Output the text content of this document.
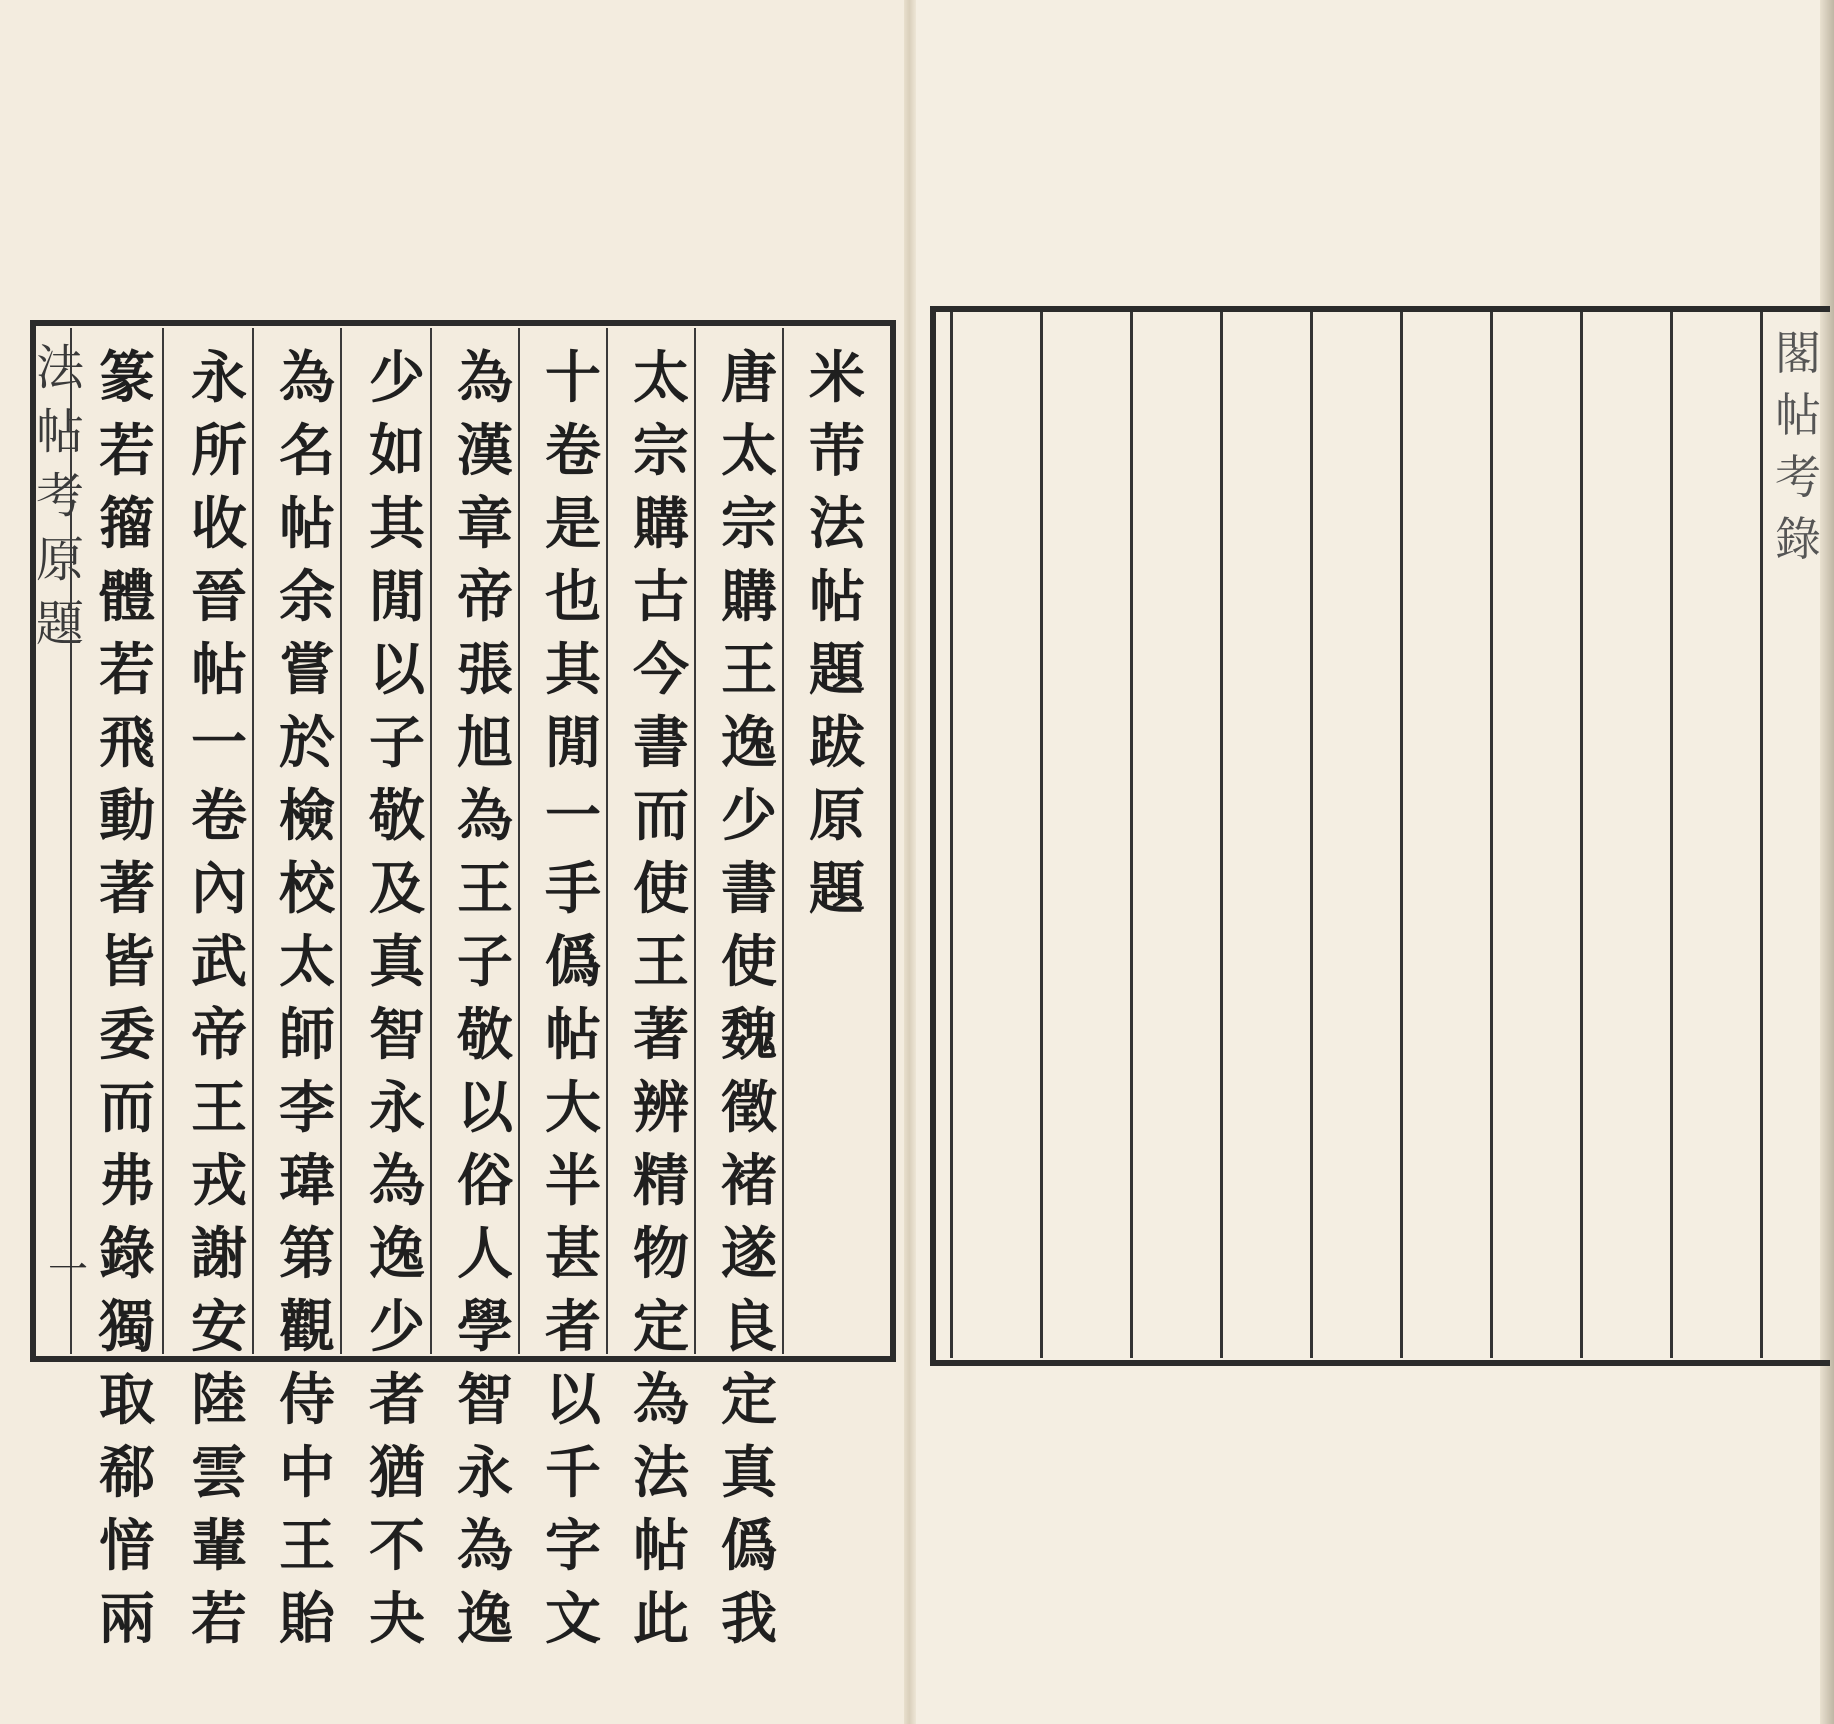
法
帖
考
原
題
一
米
芾
法
帖
題
跋
原
題
唐
太
宗
購
王
逸
少
書
使
魏
徵
褚
遂
良
定
真
僞
我
太
宗
購
古
今
書
而
使
王
著
辨
精
物
定
為
法
帖
此
十
卷
是
也
其
閒
一
手
僞
帖
大
半
甚
者
以
千
字
文
為
漢
章
帝
張
旭
為
王
子
敬
以
俗
人
學
智
永
為
逸
少
如
其
閒
以
子
敬
及
真
智
永
為
逸
少
者
猶
不
夬
為
名
帖
余
嘗
於
檢
校
太
師
李
瑋
第
觀
侍
中
王
貽
永
所
收
晉
帖
一
卷
內
武
帝
王
戎
謝
安
陸
雲
輩
若
篆
若
籀
體
若
飛
動
著
皆
委
而
弗
錄
獨
取
郗
愔
兩
閣
帖
考
錄
